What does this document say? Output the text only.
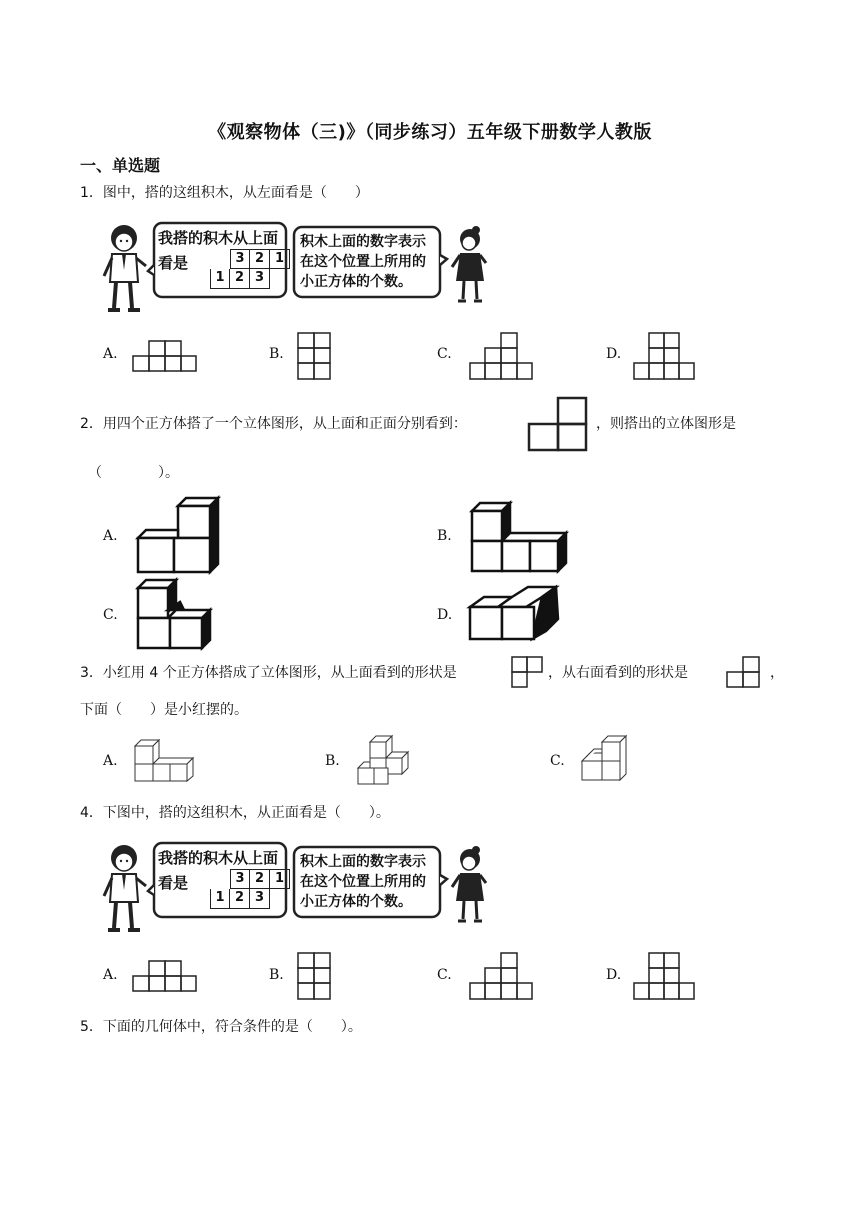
《观察物体（三)》（同步练习）五年级下册数学人教版
一、单选题
1．图中，搭的这组积木，从左面看是（　　）
我搭的积木从上面
看是	3 2 1
1 2 3
积木上面的数字表示
在这个位置上所用的
小正方体的个数。
A.	B.	C.	D.
2．用四个正方体搭了一个立体图形，从上面和正面分别看到：	，则搭出的立体图形是
（　　　　）。
A.	B.
C.	D.
3．小红用 4 个正方体搭成了立体图形，从上面看到的形状是	，从右面看到的形状是	，
下面（　　）是小红摆的。
A.	B.	C.
4．下图中，搭的这组积木，从正面看是（　　）。
我搭的积木从上面
看是	3 2 1
1 2 3
积木上面的数字表示
在这个位置上所用的
小正方体的个数。
A.	B.	C.	D.
5．下面的几何体中，符合条件的是（　　）。
